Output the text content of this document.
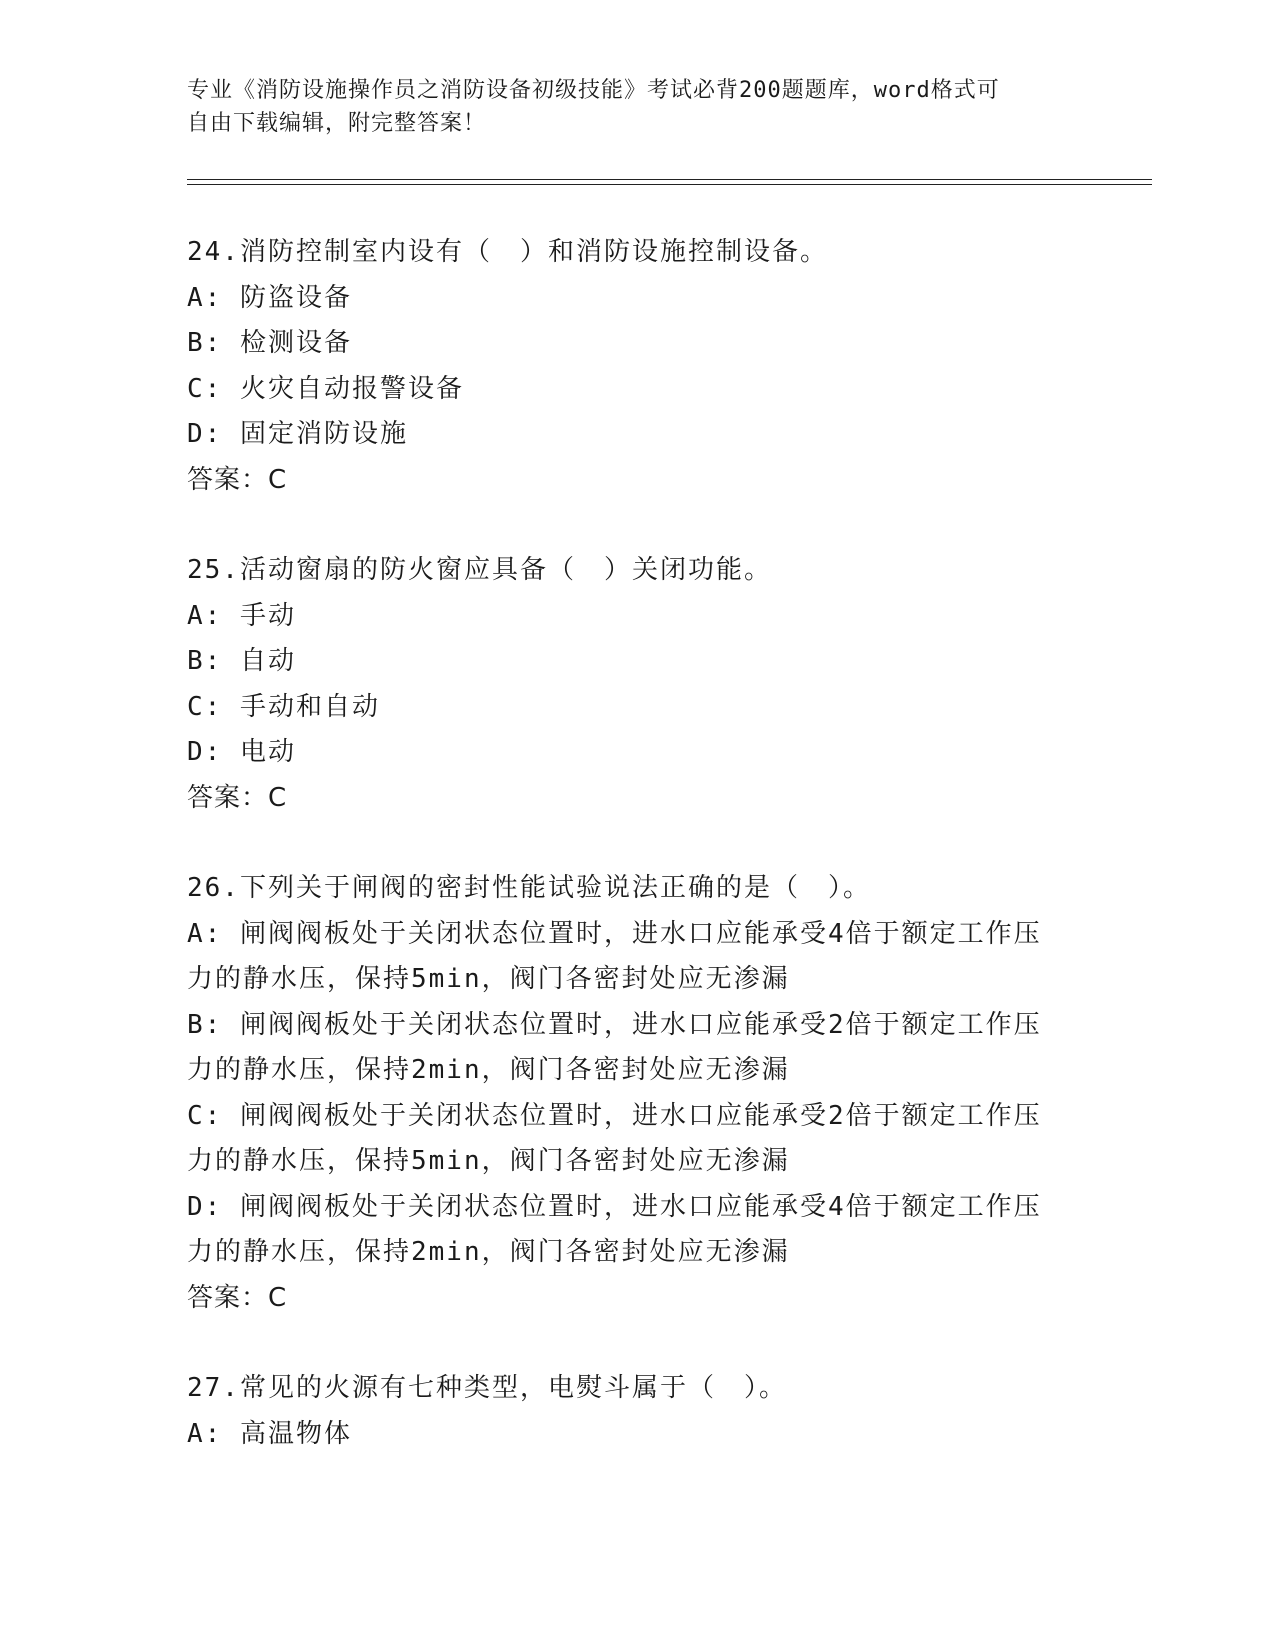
专业《消防设施操作员之消防设备初级技能》考试必背200题题库，word格式可
自由下载编辑，附完整答案！
24.消防控制室内设有（　）和消防设施控制设备。
A: 防盗设备
B: 检测设备
C: 火灾自动报警设备
D: 固定消防设施
答案：C
25.活动窗扇的防火窗应具备（　）关闭功能。
A: 手动
B: 自动
C: 手动和自动
D: 电动
答案：C
26.下列关于闸阀的密封性能试验说法正确的是（　）。
A: 闸阀阀板处于关闭状态位置时，进水口应能承受4倍于额定工作压
力的静水压，保持5min，阀门各密封处应无渗漏
B: 闸阀阀板处于关闭状态位置时，进水口应能承受2倍于额定工作压
力的静水压，保持2min，阀门各密封处应无渗漏
C: 闸阀阀板处于关闭状态位置时，进水口应能承受2倍于额定工作压
力的静水压，保持5min，阀门各密封处应无渗漏
D: 闸阀阀板处于关闭状态位置时，进水口应能承受4倍于额定工作压
力的静水压，保持2min，阀门各密封处应无渗漏
答案：C
27.常见的火源有七种类型，电熨斗属于（　）。
A: 高温物体
